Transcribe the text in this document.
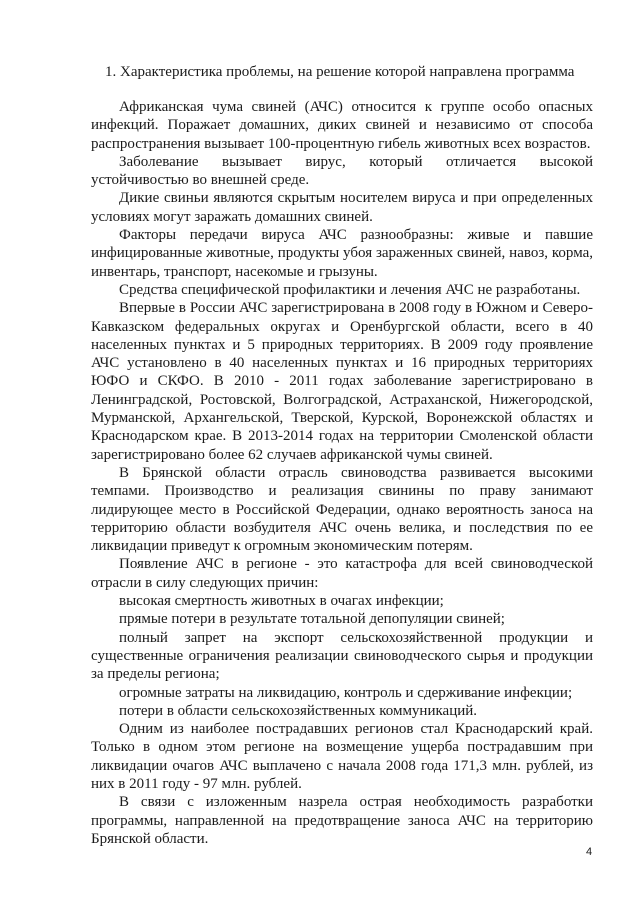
1. Характеристика проблемы, на решение которой направлена программа

Африканская чума свиней (АЧС) относится к группе особо опасных инфекций. Поражает домашних, диких свиней и независимо от способа распространения вызывает 100-процентную гибель животных всех возрастов.

Заболевание вызывает вирус, который отличается высокой устойчивостью во внешней среде.

Дикие свиньи являются скрытым носителем вируса и при определенных условиях могут заражать домашних свиней.

Факторы передачи вируса АЧС разнообразны: живые и павшие инфицированные животные, продукты убоя зараженных свиней, навоз, корма, инвентарь, транспорт, насекомые и грызуны.

Средства специфической профилактики и лечения АЧС не разработаны.

Впервые в России АЧС зарегистрирована в 2008 году в Южном и Северо-Кавказском федеральных округах и Оренбургской области, всего в 40 населенных пунктах и 5 природных территориях. В 2009 году проявление АЧС установлено в 40 населенных пунктах и 16 природных территориях ЮФО и СКФО. В 2010 - 2011 годах заболевание зарегистрировано в Ленинградской, Ростовской, Волгоградской, Астраханской, Нижегородской, Мурманской, Архангельской, Тверской, Курской, Воронежской областях и Краснодарском крае. В 2013-2014 годах на территории Смоленской области зарегистрировано более 62 случаев африканской чумы свиней.

В Брянской области отрасль свиноводства развивается высокими темпами. Производство и реализация свинины по праву занимают лидирующее место в Российской Федерации, однако вероятность заноса на территорию области возбудителя АЧС очень велика, и последствия по ее ликвидации приведут к огромным экономическим потерям.

Появление АЧС в регионе - это катастрофа для всей свиноводческой отрасли в силу следующих причин:

высокая смертность животных в очагах инфекции;

прямые потери в результате тотальной депопуляции свиней;

полный запрет на экспорт сельскохозяйственной продукции и существенные ограничения реализации свиноводческого сырья и продукции за пределы региона;

огромные затраты на ликвидацию, контроль и сдерживание инфекции;

потери в области сельскохозяйственных коммуникаций.

Одним из наиболее пострадавших регионов стал Краснодарский край. Только в одном этом регионе на возмещение ущерба пострадавшим при ликвидации очагов АЧС выплачено с начала 2008 года 171,3 млн. рублей, из них в 2011 году - 97 млн. рублей.

В связи с изложенным назрела острая необходимость разработки программы, направленной на предотвращение заноса АЧС на территорию Брянской области.

4
